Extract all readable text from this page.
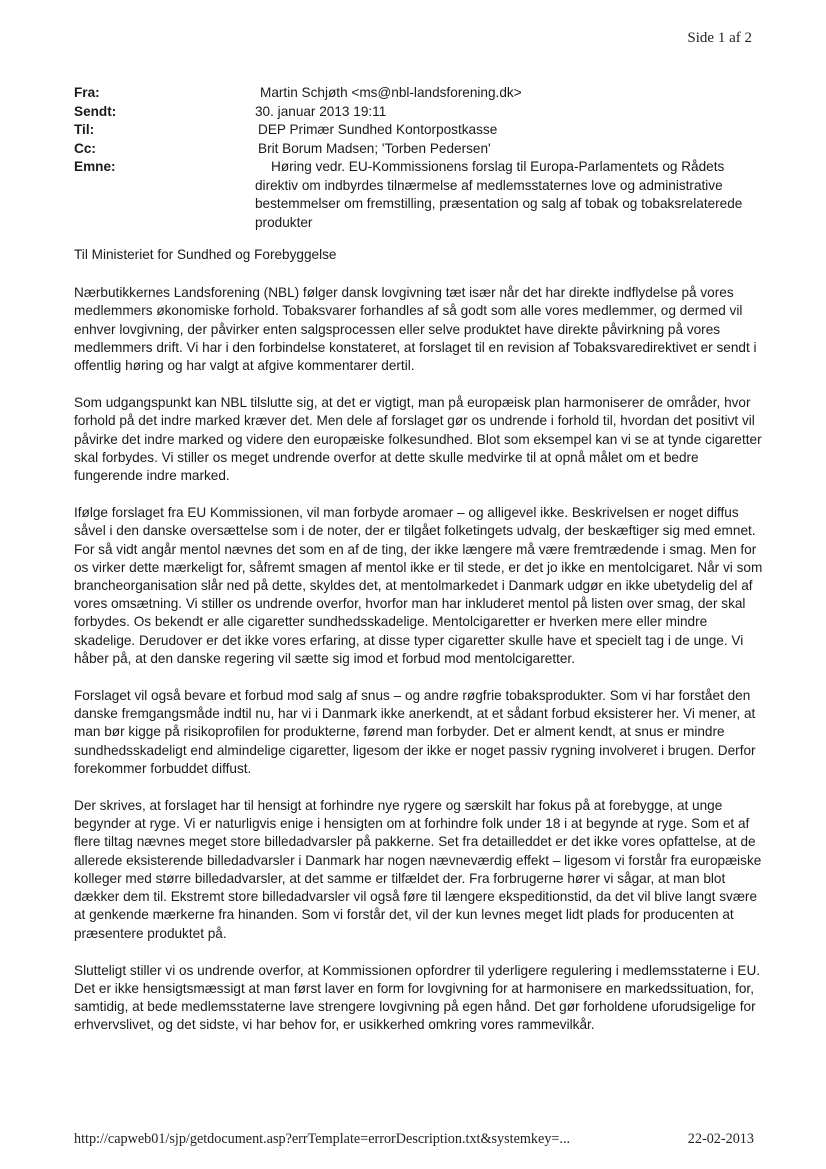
Side 1 af 2
Fra:	Martin Schjøth <ms@nbl-landsforening.dk>
Sendt:	30. januar 2013 19:11
Til:	DEP Primær Sundhed Kontorpostkasse
Cc:	Brit Borum Madsen; 'Torben Pedersen'
Emne:	Høring vedr. EU-Kommissionens forslag til Europa-Parlamentets og Rådets direktiv om indbyrdes tilnærmelse af medlemsstaternes love og administrative bestemmelser om fremstilling, præsentation og salg af tobak og tobaksrelaterede produkter

Til Ministeriet for Sundhed og Forebyggelse

Nærbutikkernes Landsforening (NBL) følger dansk lovgivning tæt især når det har direkte indflydelse på vores medlemmers økonomiske forhold. Tobaksvarer forhandles af så godt som alle vores medlemmer, og dermed vil enhver lovgivning, der påvirker enten salgsprocessen eller selve produktet have direkte påvirkning på vores medlemmers drift. Vi har i den forbindelse konstateret, at forslaget til en revision af Tobaksvaredirektivet er sendt i offentlig høring og har valgt at afgive kommentarer dertil.

Som udgangspunkt kan NBL tilslutte sig, at det er vigtigt, man på europæisk plan harmoniserer de områder, hvor forhold på det indre marked kræver det. Men dele af forslaget gør os undrende i forhold til, hvordan det positivt vil påvirke det indre marked og videre den europæiske folkesundhed. Blot som eksempel kan vi se at tynde cigaretter skal forbydes. Vi stiller os meget undrende overfor at dette skulle medvirke til at opnå målet om et bedre fungerende indre marked.

Ifølge forslaget fra EU Kommissionen, vil man forbyde aromaer – og alligevel ikke. Beskrivelsen er noget diffus såvel i den danske oversættelse som i de noter, der er tilgået folketingets udvalg, der beskæftiger sig med emnet. For så vidt angår mentol nævnes det som en af de ting, der ikke længere må være fremtrædende i smag. Men for os virker dette mærkeligt for, såfremt smagen af mentol ikke er til stede, er det jo ikke en mentolcigaret. Når vi som brancheorganisation slår ned på dette, skyldes det, at mentolmarkedet i Danmark udgør en ikke ubetydelig del af vores omsætning. Vi stiller os undrende overfor, hvorfor man har inkluderet mentol på listen over smag, der skal forbydes. Os bekendt er alle cigaretter sundhedsskadelige. Mentolcigaretter er hverken mere eller mindre skadelige. Derudover er det ikke vores erfaring, at disse typer cigaretter skulle have et specielt tag i de unge. Vi håber på, at den danske regering vil sætte sig imod et forbud mod mentolcigaretter.

Forslaget vil også bevare et forbud mod salg af snus – og andre røgfrie tobaksprodukter. Som vi har forstået den danske fremgangsmåde indtil nu, har vi i Danmark ikke anerkendt, at et sådant forbud eksisterer her. Vi mener, at man bør kigge på risikoprofilen for produkterne, førend man forbyder. Det er alment kendt, at snus er mindre sundhedsskadeligt end almindelige cigaretter, ligesom der ikke er noget passiv rygning involveret i brugen. Derfor forekommer forbuddet diffust.

Der skrives, at forslaget har til hensigt at forhindre nye rygere og særskilt har fokus på at forebygge, at unge begynder at ryge. Vi er naturligvis enige i hensigten om at forhindre folk under 18 i at begynde at ryge. Som et af flere tiltag nævnes meget store billedadvarsler på pakkerne. Set fra detailleddet er det ikke vores opfattelse, at de allerede eksisterende billedadvarsler i Danmark har nogen nævneværdig effekt – ligesom vi forstår fra europæiske kolleger med større billedadvarsler, at det samme er tilfældet der. Fra forbrugerne hører vi sågar, at man blot dækker dem til. Ekstremt store billedadvarsler vil også føre til længere ekspeditionstid, da det vil blive langt svære at genkende mærkerne fra hinanden. Som vi forstår det, vil der kun levnes meget lidt plads for producenten at præsentere produktet på.

Slutteligt stiller vi os undrende overfor, at Kommissionen opfordrer til yderligere regulering i medlemsstaterne i EU. Det er ikke hensigtsmæssigt at man først laver en form for lovgivning for at harmonisere en markedssituation, for, samtidig, at bede medlemsstaterne lave strengere lovgivning på egen hånd. Det gør forholdene uforudsigelige for erhvervslivet, og det sidste, vi har behov for, er usikkerhed omkring vores rammevilkår.

http://capweb01/sjp/getdocument.asp?errTemplate=errorDescription.txt&systemkey=...	22-02-2013
